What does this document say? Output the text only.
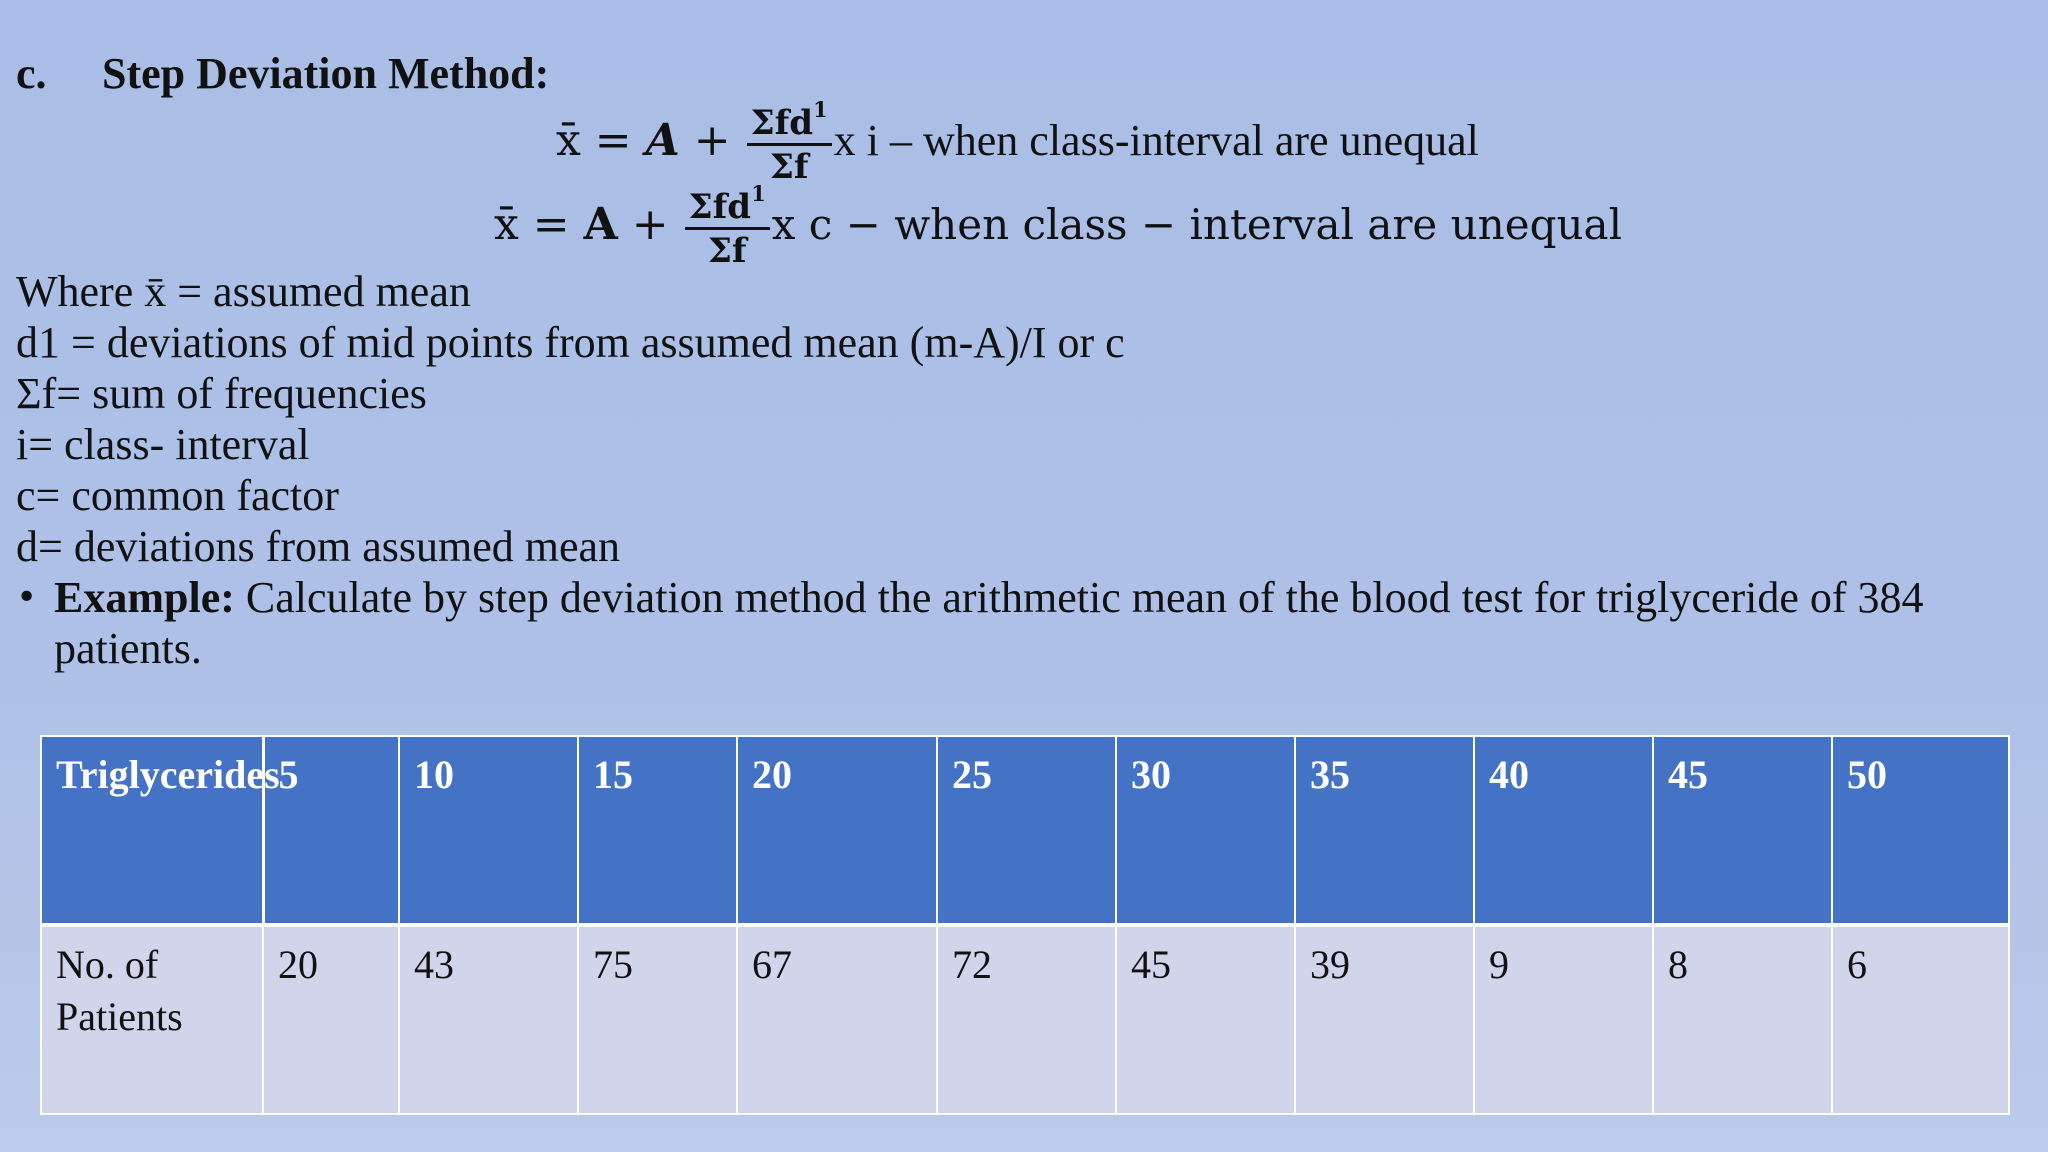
c. Step Deviation Method:
x̄ = $A + \frac{\Sigma fd^1}{\Sigma f}$ x i – when class-interval are unequal
x̄ = $A + \frac{\Sigma fd^1}{\Sigma f}$ x c − when class − interval are unequal
Where x̄ = assumed mean
d1 = deviations of mid points from assumed mean (m-A)/I or c
Σf= sum of frequencies
i= class- interval
c= common factor
d= deviations from assumed mean
• Example: Calculate by step deviation method the arithmetic mean of the blood test for triglyceride of 384 patients.
Triglycerides	5	10	15	20	25	30	35	40	45	50
No. of Patients	20	43	75	67	72	45	39	9	8	6
